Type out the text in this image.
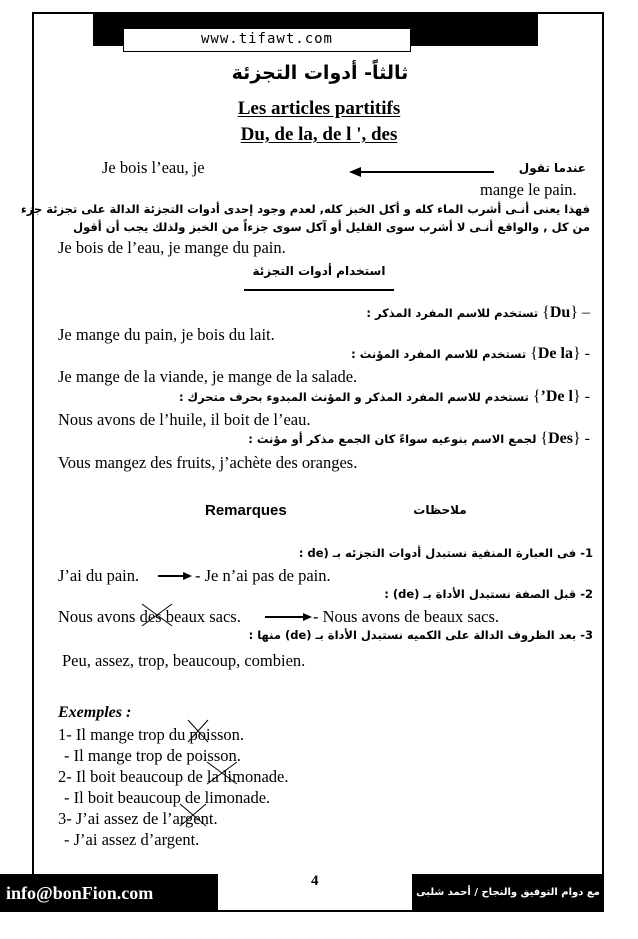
www.tifawt.com
ثالثاً- أدوات التجزئة
Les articles partitifs
Du, de la, de l ', des
Je bois l’eau, je	عندما تقول
mange le pain.
فهذا يعنى أنـى أشرب الماء كله و أكل الخبز كله, لعدم وجود إحدى أدوات التجزئة الدالة على تجزئة جزء
من كل , والواقع أنـى لا أشرب سوى القليل أو آكل سوى جزءاً من الخبز ولذلك يجب أن أقول
Je bois de l’eau, je mange du pain.
استخدام أدوات التجزئة
– {Du} تستخدم للاسم المفرد المذكر :
Je mange du pain, je bois du lait.
- {De la} تستخدم للاسم المفرد المؤنث :
Je mange de la viande, je mange de la salade.
- {De l’} تستخدم للاسم المفرد المذكر و المؤنث المبدوء بحرف متحرك :
Nous avons de l’huile, il boit de l’eau.
- {Des} لجمع الاسم بنوعيه سواءً كان الجمع مذكر أو مؤنث :
Vous mangez des fruits, j’achète des oranges.
Remarques	ملاحظات
1- فى العبارة المنفية نستبدل أدوات التجزئه بـ (de :
J’ai du pain.	- Je n’ai pas de pain.
2- قبل الصفة نستبدل الأداة بـ (de) :
Nous avons des beaux sacs.	- Nous avons de beaux sacs.
3- بعد الظروف الدالة على الكميه نستبدل الأداة بـ (de) منها :
Peu, assez, trop, beaucoup, combien.
Exemples :
1- Il mange trop du poisson.
- Il mange trop de poisson.
2- Il boit beaucoup de la limonade.
- Il boit beaucoup de limonade.
3- J’ai assez de l’argent.
- J’ai assez d’argent.
4
info@bonFion.com	مع دوام التوفيق والنجاح / أحمد شلبى
